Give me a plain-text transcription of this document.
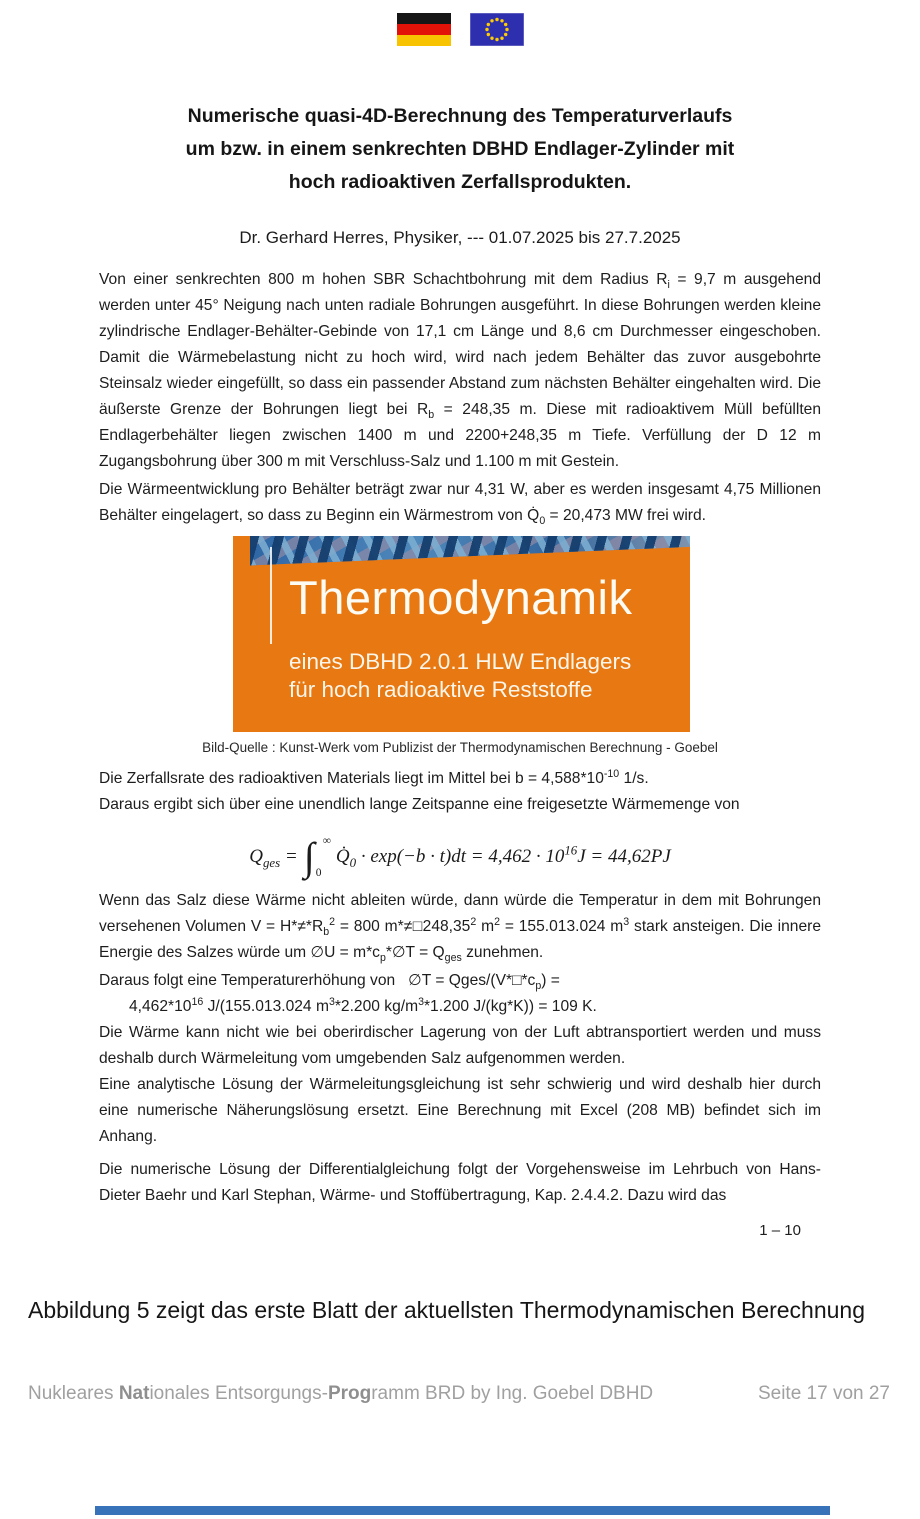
Numerische quasi-4D-Berechnung des Temperaturverlaufs
um bzw. in einem senkrechten DBHD Endlager-Zylinder mit
hoch radioaktiven Zerfallsprodukten.
Dr. Gerhard Herres, Physiker, --- 01.07.2025 bis 27.7.2025
Von einer senkrechten 800 m hohen SBR Schachtbohrung mit dem Radius $R_i = 9,7$ m ausgehend werden unter 45° Neigung nach unten radiale Bohrungen ausgeführt. In diese Bohrungen werden kleine zylindrische Endlager-Behälter-Gebinde von 17,1 cm Länge und 8,6 cm Durchmesser eingeschoben. Damit die Wärmebelastung nicht zu hoch wird, wird nach jedem Behälter das zuvor ausgebohrte Steinsalz wieder eingefüllt, so dass ein passender Abstand zum nächsten Behälter eingehalten wird. Die äußerste Grenze der Bohrungen liegt bei $R_b = 248,35$ m. Diese mit radioaktivem Müll befüllten Endlagerbehälter liegen zwischen 1400 m und 2200+248,35 m Tiefe. Verfüllung der D 12 m Zugangsbohrung über 300 m mit Verschluss-Salz und 1.100 m mit Gestein.
Die Wärmeentwicklung pro Behälter beträgt zwar nur 4,31 W, aber es werden insgesamt 4,75 Millionen Behälter eingelagert, so dass zu Beginn ein Wärmestrom von $Q̇_0 = 20,473$ MW frei wird.
Thermodynamik
eines DBHD 2.0.1 HLW Endlagers
für hoch radioaktive Reststoffe
Bild-Quelle : Kunst-Werk vom Publizist der Thermodynamischen Berechnung - Goebel
Die Zerfallsrate des radioaktiven Materials liegt im Mittel bei $b = 4,588*10^{-10}$ 1/s.
Daraus ergibt sich über eine unendlich lange Zeitspanne eine freigesetzte Wärmemenge von
$Q_{ges}$ = ∫ ∞
0
$Q̇_0 \cdot \exp(-b \cdot t)dt = 4,462 \cdot 10^{16}J = 44,62PJ$
Wenn das Salz diese Wärme nicht ableiten würde, dann würde die Temperatur in dem mit Bohrungen versehenen Volumen $V = H*\ne*R_b^2 = 800$ $m*\ne□248,35^2$ $m^2 = 155.013.024$ $m^3$ stark ansteigen. Die innere Energie des Salzes würde um ∅U = $m*c_p*\emptyset T = Q_{ges}$ zunehmen.
Daraus folgt eine Temperaturerhöhung von   ∅T = Qges/$(V*□*c_p)$ =
$4,462*10^{16}$ J/(155.013.024 $m^3*2.200$ $kg/m^3*1.200$ J/(kg*K)) = 109 K.
Die Wärme kann nicht wie bei oberirdischer Lagerung von der Luft abtransportiert werden und muss deshalb durch Wärmeleitung vom umgebenden Salz aufgenommen werden.
Eine analytische Lösung der Wärmeleitungsgleichung ist sehr schwierig und wird deshalb hier durch eine numerische Näherungslösung ersetzt. Eine Berechnung mit Excel (208 MB) befindet sich im Anhang.
Die numerische Lösung der Differentialgleichung folgt der Vorgehensweise im Lehrbuch von Hans-Dieter Baehr und Karl Stephan, Wärme- und Stoffübertragung, Kap. 2.4.4.2. Dazu wird das
1 – 10
Abbildung 5 zeigt das erste Blatt der aktuellsten Thermodynamischen Berechnung
Nukleares Nationales Entsorgungs-Programm BRD by Ing. Goebel DBHD	Seite 17 von 27
